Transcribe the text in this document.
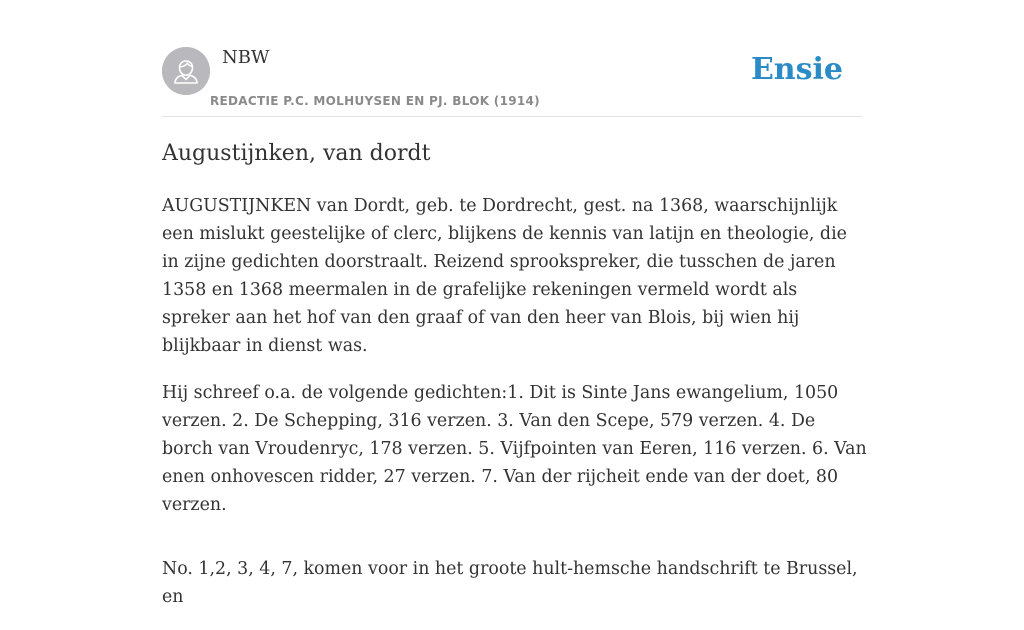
NBW
REDACTIE P.C. MOLHUYSEN EN PJ. BLOK (1914)
Ensie
Augustijnken, van dordt

AUGUSTIJNKEN van Dordt, geb. te Dordrecht, gest. na 1368, waarschijnlijk een mislukt geestelijke of clerc, blijkens de kennis van latijn en theologie, die in zijne gedichten doorstraalt. Reizend sprookspreker, die tusschen de jaren 1358 en 1368 meermalen in de grafelijke rekeningen vermeld wordt als spreker aan het hof van den graaf of van den heer van Blois, bij wien hij blijkbaar in dienst was.

Hij schreef o.a. de volgende gedichten:1. Dit is Sinte Jans ewangelium, 1050 verzen. 2. De Schepping, 316 verzen. 3. Van den Scepe, 579 verzen. 4. De borch van Vroudenryc, 178 verzen. 5. Vijfpointen van Eeren, 116 verzen. 6. Van enen onhovescen ridder, 27 verzen. 7. Van der rijcheit ende van der doet, 80 verzen.

No. 1,2, 3, 4, 7, komen voor in het groote hult-hemsche handschrift te Brussel, en
